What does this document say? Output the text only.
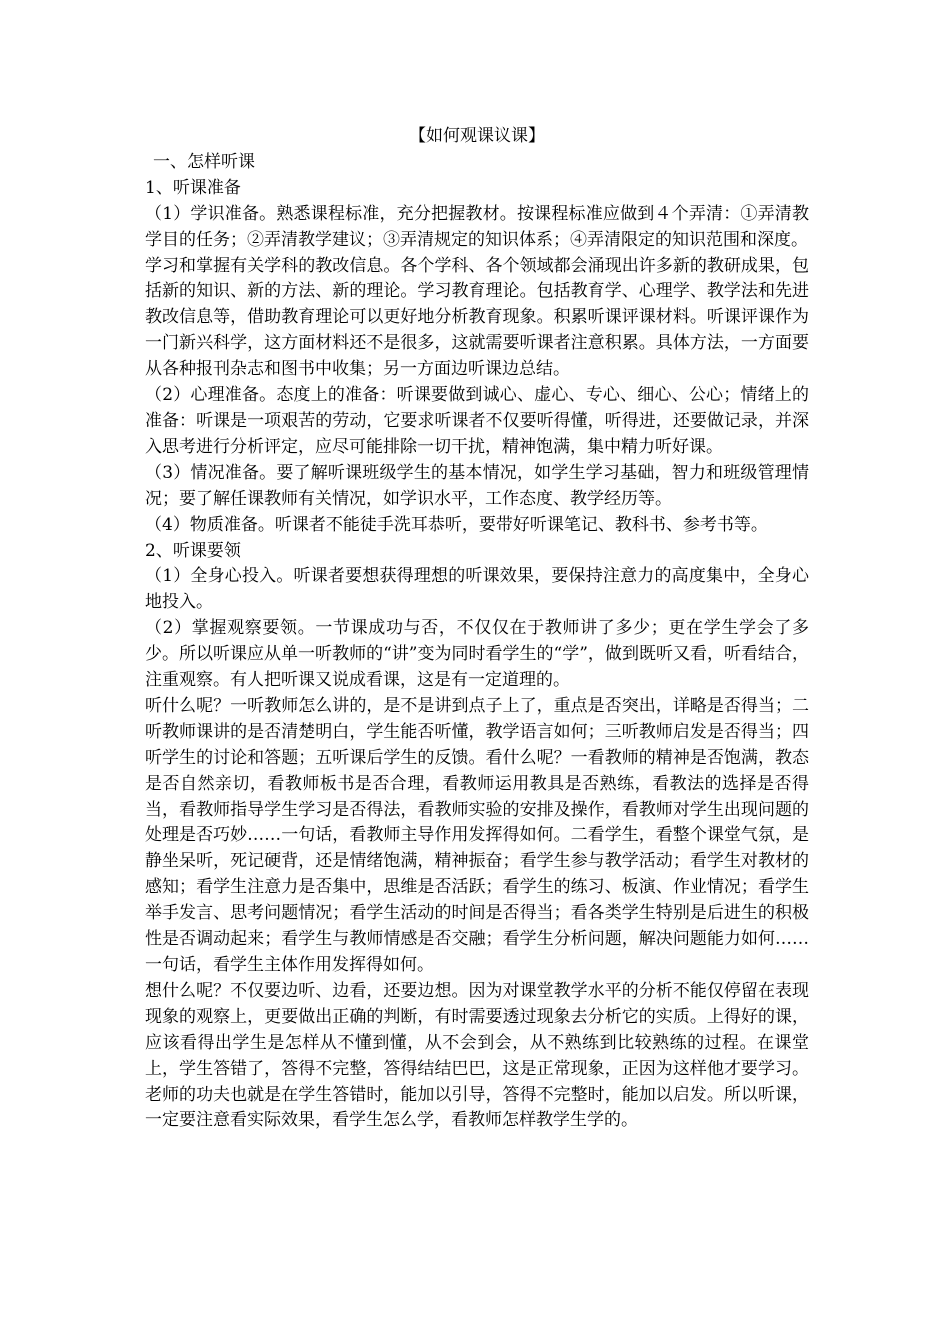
【如何观课议课】

一、怎样听课

1、听课准备

（1）学识准备。熟悉课程标准，充分把握教材。按课程标准应做到４个弄清：①弄清教学目的任务；②弄清教学建议；③弄清规定的知识体系；④弄清限定的知识范围和深度。

学习和掌握有关学科的教改信息。各个学科、各个领域都会涌现出许多新的教研成果，包括新的知识、新的方法、新的理论。学习教育理论。包括教育学、心理学、教学法和先进教改信息等，借助教育理论可以更好地分析教育现象。积累听课评课材料。听课评课作为一门新兴科学，这方面材料还不是很多，这就需要听课者注意积累。具体方法，一方面要从各种报刊杂志和图书中收集；另一方面边听课边总结。

（2）心理准备。态度上的准备：听课要做到诚心、虚心、专心、细心、公心；情绪上的准备：听课是一项艰苦的劳动，它要求听课者不仅要听得懂，听得进，还要做记录，并深入思考进行分析评定，应尽可能排除一切干扰，精神饱满，集中精力听好课。

（3）情况准备。要了解听课班级学生的基本情况，如学生学习基础，智力和班级管理情况；要了解任课教师有关情况，如学识水平，工作态度、教学经历等。

（4）物质准备。听课者不能徒手洗耳恭听，要带好听课笔记、教科书、参考书等。

2、听课要领

（1）全身心投入。听课者要想获得理想的听课效果，要保持注意力的高度集中，全身心地投入。

（2）掌握观察要领。一节课成功与否，不仅仅在于教师讲了多少；更在学生学会了多少。所以听课应从单一听教师的“讲”变为同时看学生的“学”，做到既听又看，听看结合，注重观察。有人把听课又说成看课，这是有一定道理的。

听什么呢？一听教师怎么讲的，是不是讲到点子上了，重点是否突出，详略是否得当；二听教师课讲的是否清楚明白，学生能否听懂，教学语言如何；三听教师启发是否得当；四听学生的讨论和答题；五听课后学生的反馈。看什么呢？一看教师的精神是否饱满，教态是否自然亲切，看教师板书是否合理，看教师运用教具是否熟练，看教法的选择是否得当，看教师指导学生学习是否得法，看教师实验的安排及操作，看教师对学生出现问题的处理是否巧妙……一句话，看教师主导作用发挥得如何。二看学生，看整个课堂气氛，是静坐呆听，死记硬背，还是情绪饱满，精神振奋；看学生参与教学活动；看学生对教材的感知；看学生注意力是否集中，思维是否活跃；看学生的练习、板演、作业情况；看学生举手发言、思考问题情况；看学生活动的时间是否得当；看各类学生特别是后进生的积极性是否调动起来；看学生与教师情感是否交融；看学生分析问题，解决问题能力如何……一句话，看学生主体作用发挥得如何。

想什么呢？不仅要边听、边看，还要边想。因为对课堂教学水平的分析不能仅停留在表现现象的观察上，更要做出正确的判断，有时需要透过现象去分析它的实质。上得好的课，应该看得出学生是怎样从不懂到懂，从不会到会，从不熟练到比较熟练的过程。在课堂上，学生答错了，答得不完整，答得结结巴巴，这是正常现象，正因为这样他才要学习。老师的功夫也就是在学生答错时，能加以引导，答得不完整时，能加以启发。所以听课，一定要注意看实际效果，看学生怎么学，看教师怎样教学生学的。
